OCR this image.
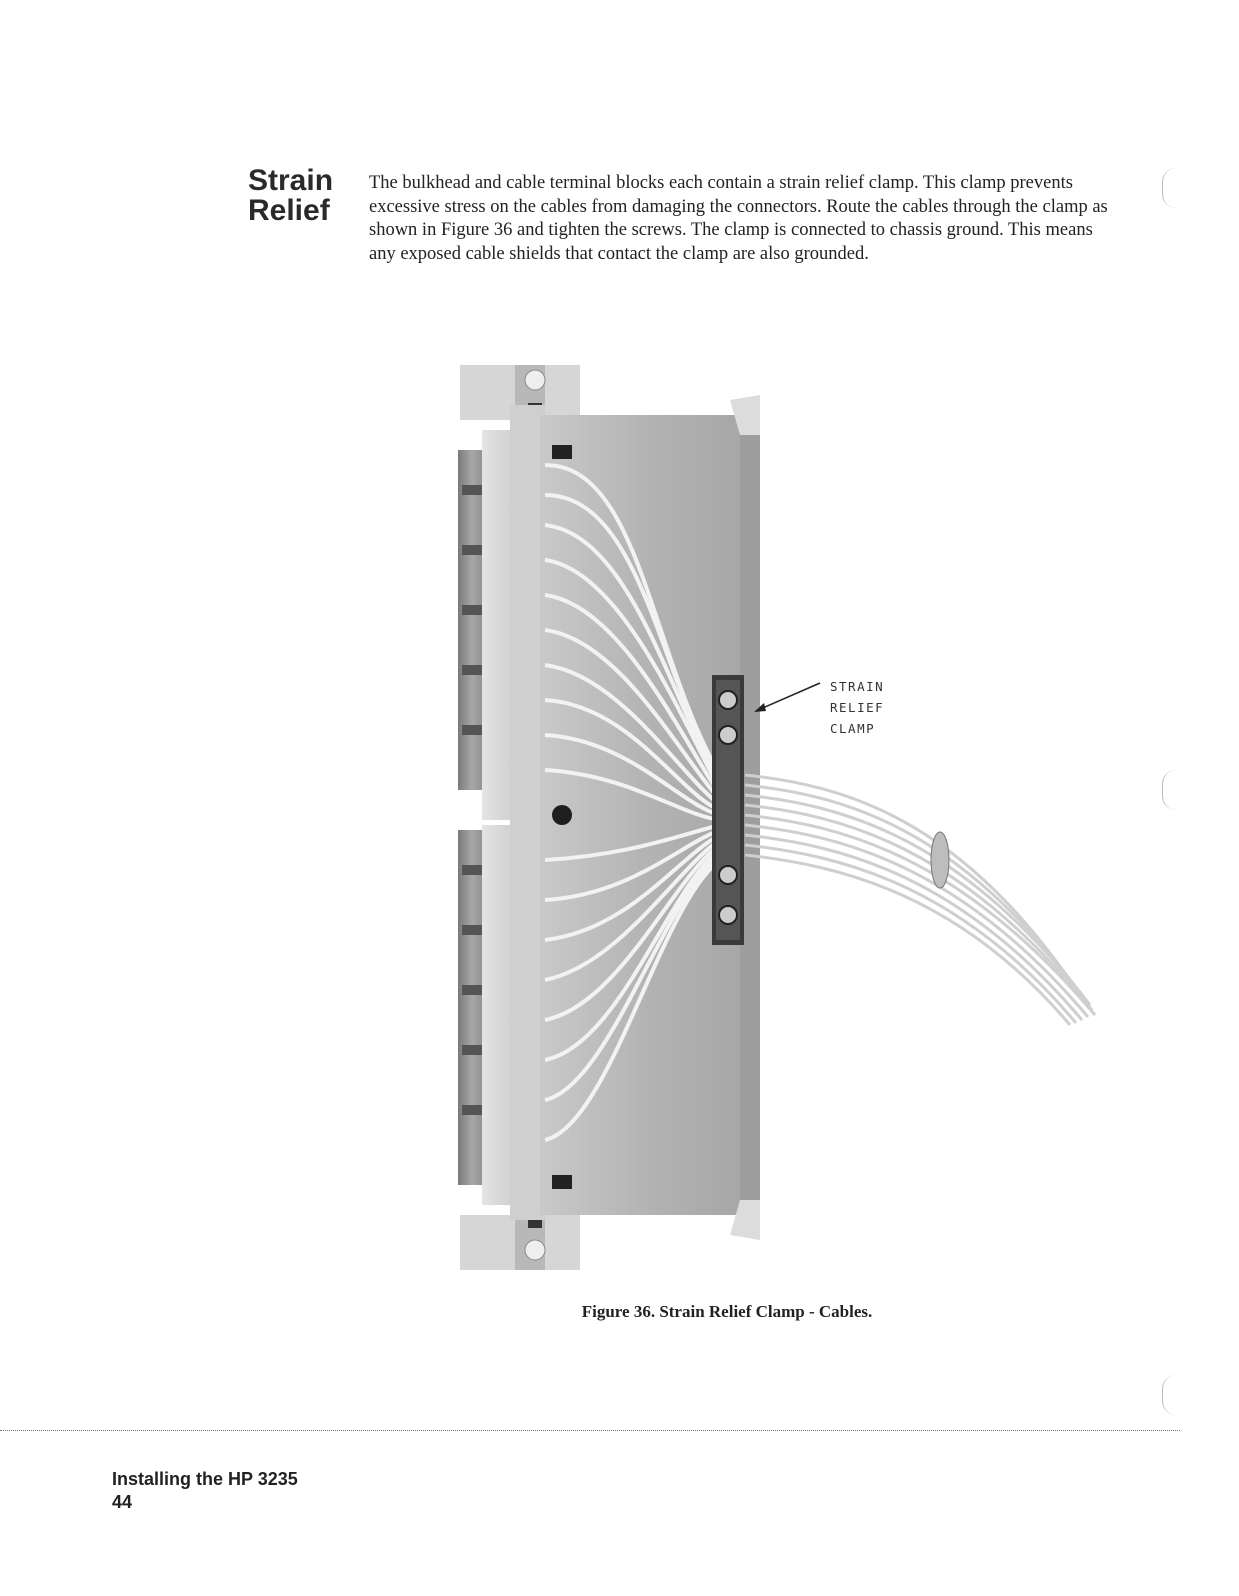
Strain
Relief

The bulkhead and cable terminal blocks each contain a strain relief clamp. This clamp prevents excessive stress on the cables from damaging the connectors. Route the cables through the clamp as shown in Figure 36 and tighten the screws. The clamp is connected to chassis ground. This means any exposed cable shields that contact the clamp are also grounded.

STRAIN
RELIEF
CLAMP
Figure 36. Strain Relief Clamp - Cables.
Installing the HP 3235
44
